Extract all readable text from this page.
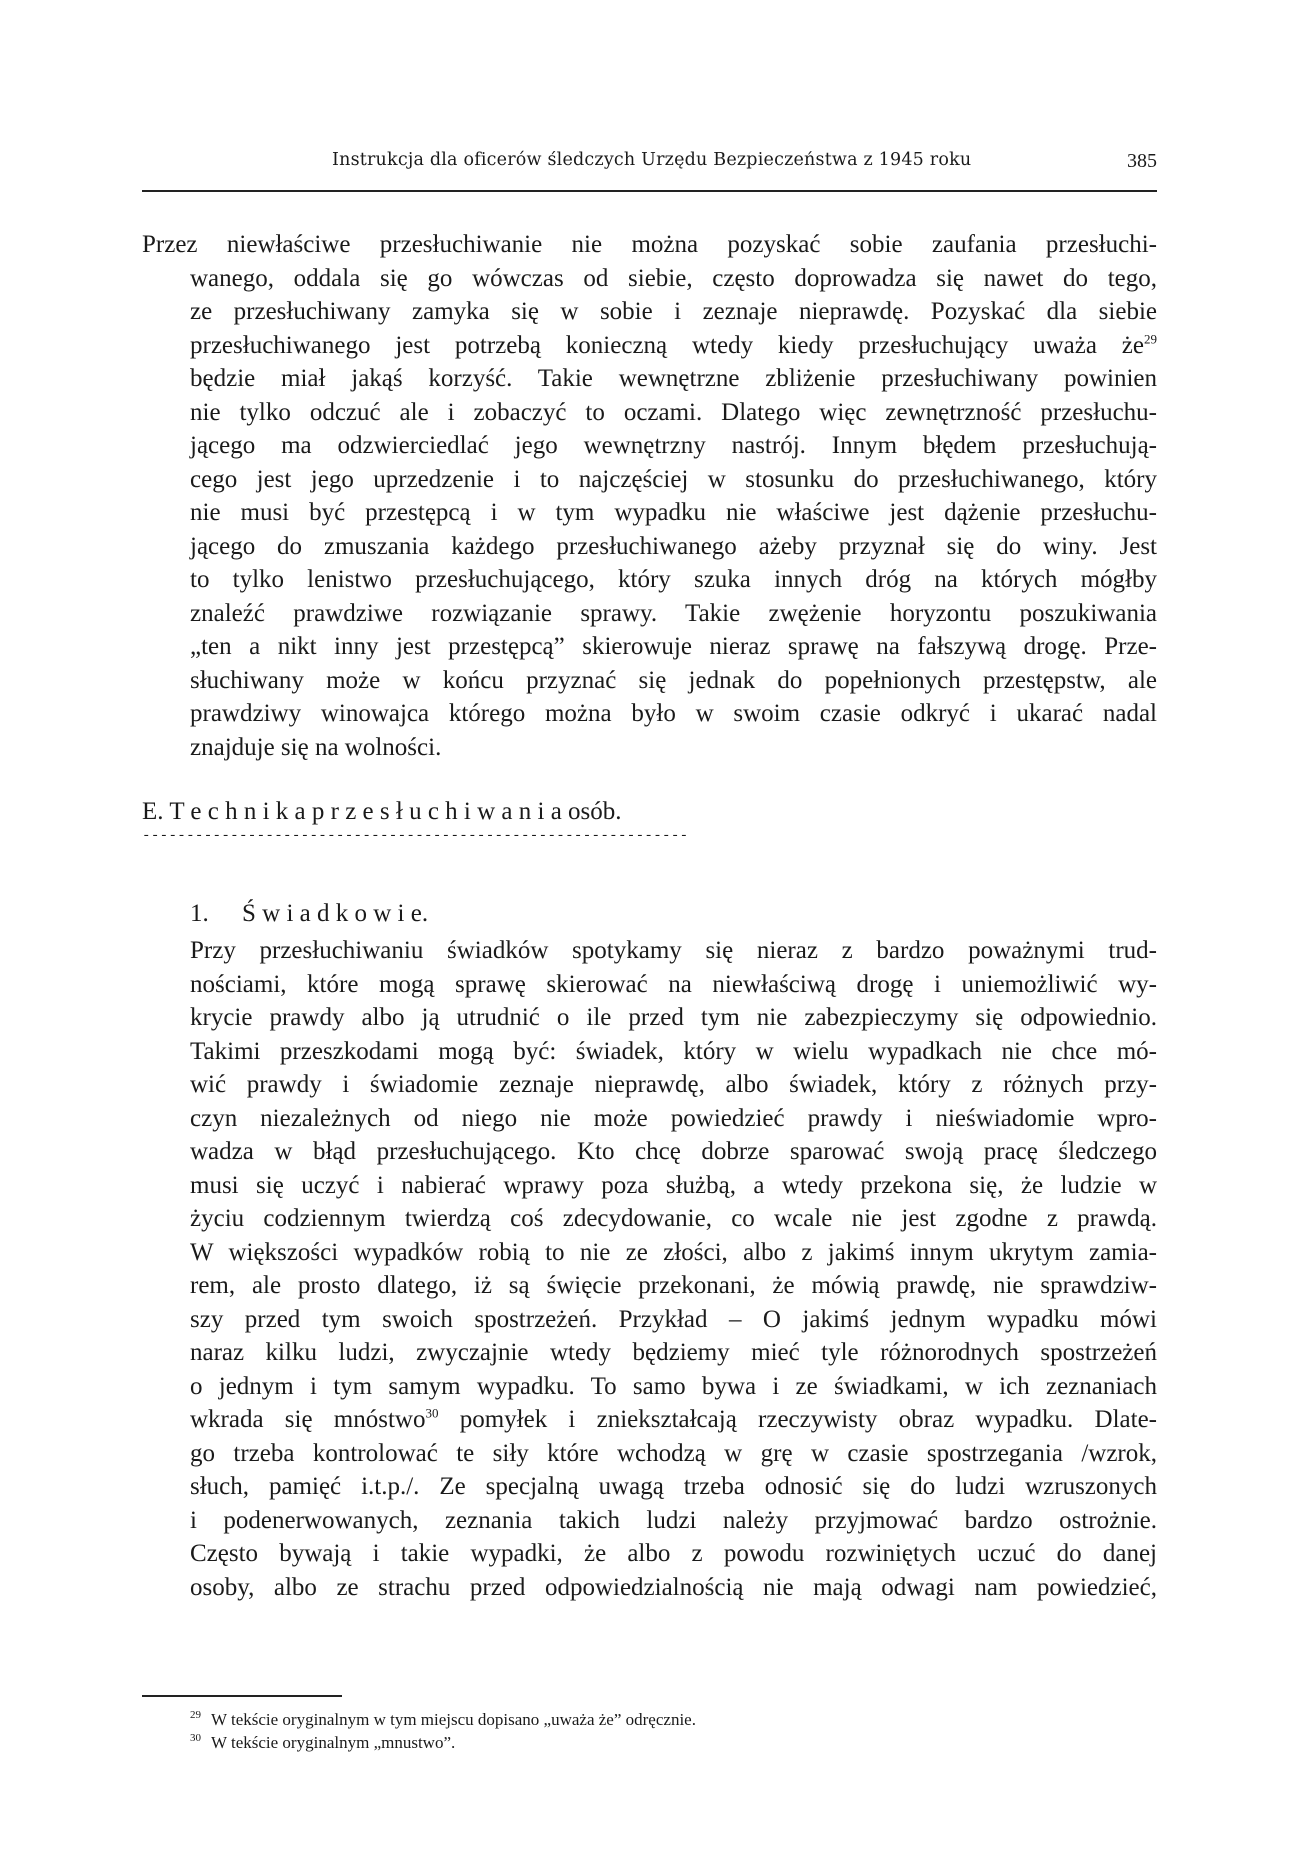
Instrukcja dla oficerów śledczych Urzędu Bezpieczeństwa z 1945 roku	385
Przez niewłaściwe przesłuchiwanie nie można pozyskać sobie zaufania przesłuchi-
wanego, oddala się go wówczas od siebie, często doprowadza się nawet do tego,
ze przesłuchiwany zamyka się w sobie i zeznaje nieprawdę. Pozyskać dla siebie
przesłuchiwanego jest potrzebą konieczną wtedy kiedy przesłuchujący uważa $że^{29}$
będzie miał jakąś korzyść. Takie wewnętrzne zbliżenie przesłuchiwany powinien
nie tylko odczuć ale i zobaczyć to oczami. Dlatego więc zewnętrzność przesłuchu-
jącego ma odzwierciedlać jego wewnętrzny nastrój. Innym błędem przesłuchują-
cego jest jego uprzedzenie i to najczęściej w stosunku do przesłuchiwanego, który
nie musi być przestępcą i w tym wypadku nie właściwe jest dążenie przesłuchu-
jącego do zmuszania każdego przesłuchiwanego ażeby przyznał się do winy. Jest
to tylko lenistwo przesłuchującego, który szuka innych dróg na których mógłby
znaleźć prawdziwe rozwiązanie sprawy. Takie zwężenie horyzontu poszukiwania
„ten a nikt inny jest przestępcą” skierowuje nieraz sprawę na fałszywą drogę. Prze-
słuchiwany może w końcu przyznać się jednak do popełnionych przestępstw, ale
prawdziwy winowajca którego można było w swoim czasie odkryć i ukarać nadal
znajduje się na wolności.
E. T e c h n i k a p r z e s ł u c h i w a n i a osób.
--------------------------------------------------------------
1. Ś w i a d k o w i e.
Przy przesłuchiwaniu świadków spotykamy się nieraz z bardzo poważnymi trud-
nościami, które mogą sprawę skierować na niewłaściwą drogę i uniemożliwić wy-
krycie prawdy albo ją utrudnić o ile przed tym nie zabezpieczymy się odpowiednio.
Takimi przeszkodami mogą być: świadek, który w wielu wypadkach nie chce mó-
wić prawdy i świadomie zeznaje nieprawdę, albo świadek, który z różnych przy-
czyn niezależnych od niego nie może powiedzieć prawdy i nieświadomie wpro-
wadza w błąd przesłuchującego. Kto chcę dobrze sparować swoją pracę śledczego
musi się uczyć i nabierać wprawy poza służbą, a wtedy przekona się, że ludzie w
życiu codziennym twierdzą coś zdecydowanie, co wcale nie jest zgodne z prawdą.
W większości wypadków robią to nie ze złości, albo z jakimś innym ukrytym zamia-
rem, ale prosto dlatego, iż są święcie przekonani, że mówią prawdę, nie sprawdziw-
szy przed tym swoich spostrzeżeń. Przykład – O jakimś jednym wypadku mówi
naraz kilku ludzi, zwyczajnie wtedy będziemy mieć tyle różnorodnych spostrzeżeń
o jednym i tym samym wypadku. To samo bywa i ze świadkami, w ich zeznaniach
wkrada się mnóstwo$^{30}$ pomyłek i zniekształcają rzeczywisty obraz wypadku. Dlate-
go trzeba kontrolować te siły które wchodzą w grę w czasie spostrzegania /wzrok,
słuch, pamięć i.t.p./. Ze specjalną uwagą trzeba odnosić się do ludzi wzruszonych
i podenerwowanych, zeznania takich ludzi należy przyjmować bardzo ostrożnie.
Często bywają i takie wypadki, że albo z powodu rozwiniętych uczuć do danej
osoby, albo ze strachu przed odpowiedzialnością nie mają odwagi nam powiedzieć,
$^{29}$ W tekście oryginalnym w tym miejscu dopisano „uważa że” odręcznie.
$^{30}$ W tekście oryginalnym „mnustwo”.
